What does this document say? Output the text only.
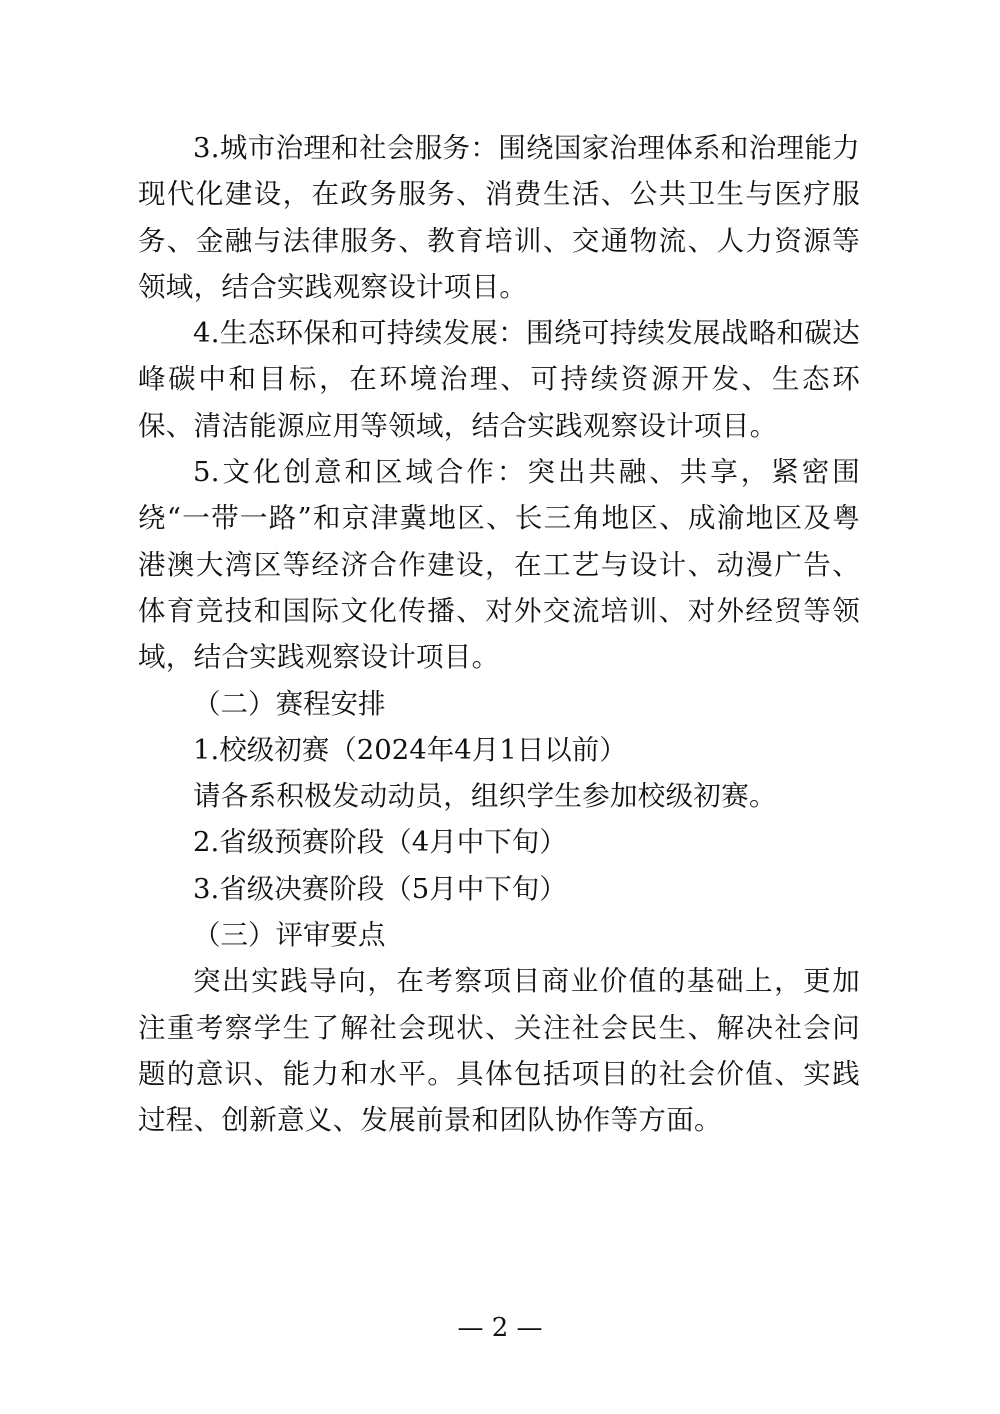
3.城市治理和社会服务：围绕国家治理体系和治理能力现代化建设，在政务服务、消费生活、公共卫生与医疗服务、金融与法律服务、教育培训、交通物流、人力资源等领域，结合实践观察设计项目。

4.生态环保和可持续发展：围绕可持续发展战略和碳达峰碳中和目标，在环境治理、可持续资源开发、生态环保、清洁能源应用等领域，结合实践观察设计项目。

5.文化创意和区域合作：突出共融、共享，紧密围绕“一带一路”和京津冀地区、长三角地区、成渝地区及粤港澳大湾区等经济合作建设，在工艺与设计、动漫广告、体育竞技和国际文化传播、对外交流培训、对外经贸等领域，结合实践观察设计项目。

（二）赛程安排

1.校级初赛（2024年4月1日以前）

请各系积极发动动员，组织学生参加校级初赛。

2.省级预赛阶段（4月中下旬）

3.省级决赛阶段（5月中下旬）

（三）评审要点

突出实践导向，在考察项目商业价值的基础上，更加注重考察学生了解社会现状、关注社会民生、解决社会问题的意识、能力和水平。具体包括项目的社会价值、实践过程、创新意义、发展前景和团队协作等方面。

— 2 —
